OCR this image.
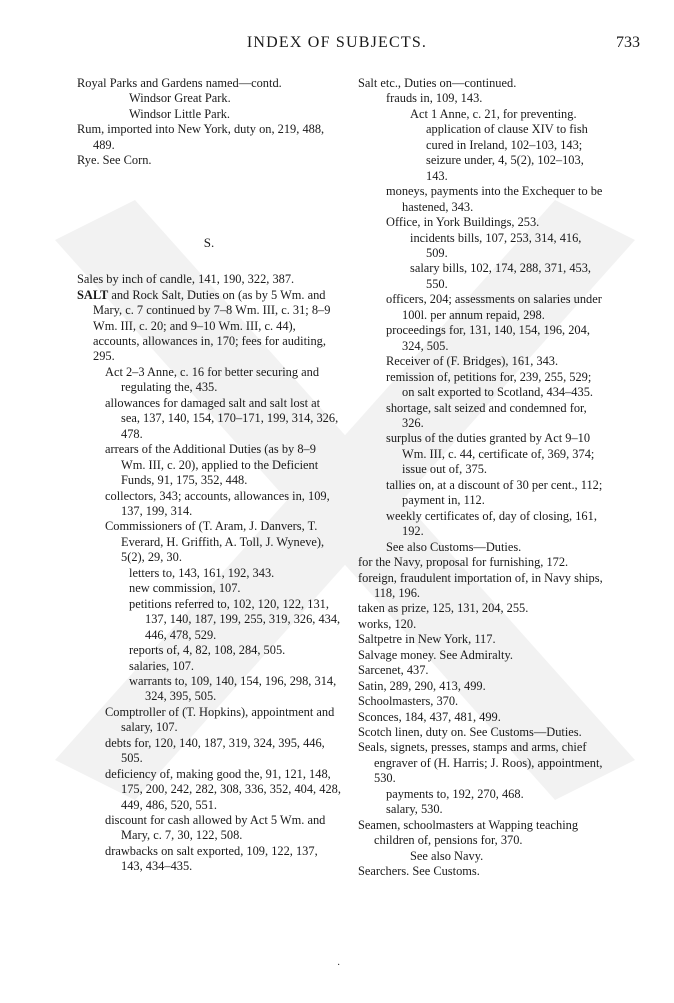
INDEX OF SUBJECTS.	733

Royal Parks and Gardens named—contd.

Windsor Great Park.

Windsor Little Park.

Rum, imported into New York, duty on, 219, 488, 489.

Rye. See Corn.

S.

Sales by inch of candle, 141, 190, 322, 387.

SALT and Rock Salt, Duties on (as by 5 Wm. and Mary, c. 7 continued by 7–8 Wm. III, c. 31; 8–9 Wm. III, c. 20; and 9–10 Wm. III, c. 44), accounts, allowances in, 170; fees for auditing, 295.

Act 2–3 Anne, c. 16 for better securing and regulating the, 435.

allowances for damaged salt and salt lost at sea, 137, 140, 154, 170–171, 199, 314, 326, 478.

arrears of the Additional Duties (as by 8–9 Wm. III, c. 20), applied to the Deficient Funds, 91, 175, 352, 448.

collectors, 343; accounts, allowances in, 109, 137, 199, 314.

Commissioners of (T. Aram, J. Danvers, T. Everard, H. Griffith, A. Toll, J. Wyneve), 5(2), 29, 30.

letters to, 143, 161, 192, 343.

new commission, 107.

petitions referred to, 102, 120, 122, 131, 137, 140, 187, 199, 255, 319, 326, 434, 446, 478, 529.

reports of, 4, 82, 108, 284, 505.

salaries, 107.

warrants to, 109, 140, 154, 196, 298, 314, 324, 395, 505.

Comptroller of (T. Hopkins), appointment and salary, 107.

debts for, 120, 140, 187, 319, 324, 395, 446, 505.

deficiency of, making good the, 91, 121, 148, 175, 200, 242, 282, 308, 336, 352, 404, 428, 449, 486, 520, 551.

discount for cash allowed by Act 5 Wm. and Mary, c. 7, 30, 122, 508.

drawbacks on salt exported, 109, 122, 137, 143, 434–435.

Salt etc., Duties on—continued.

frauds in, 109, 143.

Act 1 Anne, c. 21, for preventing. application of clause XIV to fish cured in Ireland, 102–103, 143; seizure under, 4, 5(2), 102–103, 143.

moneys, payments into the Exchequer to be hastened, 343.

Office, in York Buildings, 253.

incidents bills, 107, 253, 314, 416, 509.

salary bills, 102, 174, 288, 371, 453, 550.

officers, 204; assessments on salaries under 100l. per annum repaid, 298.

proceedings for, 131, 140, 154, 196, 204, 324, 505.

Receiver of (F. Bridges), 161, 343.

remission of, petitions for, 239, 255, 529; on salt exported to Scotland, 434–435.

shortage, salt seized and condemned for, 326.

surplus of the duties granted by Act 9–10 Wm. III, c. 44, certificate of, 369, 374; issue out of, 375.

tallies on, at a discount of 30 per cent., 112; payment in, 112.

weekly certificates of, day of closing, 161, 192.

See also Customs—Duties.

for the Navy, proposal for furnishing, 172.

foreign, fraudulent importation of, in Navy ships, 118, 196.

taken as prize, 125, 131, 204, 255.

works, 120.

Saltpetre in New York, 117.

Salvage money. See Admiralty.

Sarcenet, 437.

Satin, 289, 290, 413, 499.

Schoolmasters, 370.

Sconces, 184, 437, 481, 499.

Scotch linen, duty on. See Customs—Duties.

Seals, signets, presses, stamps and arms, chief engraver of (H. Harris; J. Roos), appointment, 530.

payments to, 192, 270, 468.

salary, 530.

Seamen, schoolmasters at Wapping teaching children of, pensions for, 370.

See also Navy.

Searchers. See Customs.

·
